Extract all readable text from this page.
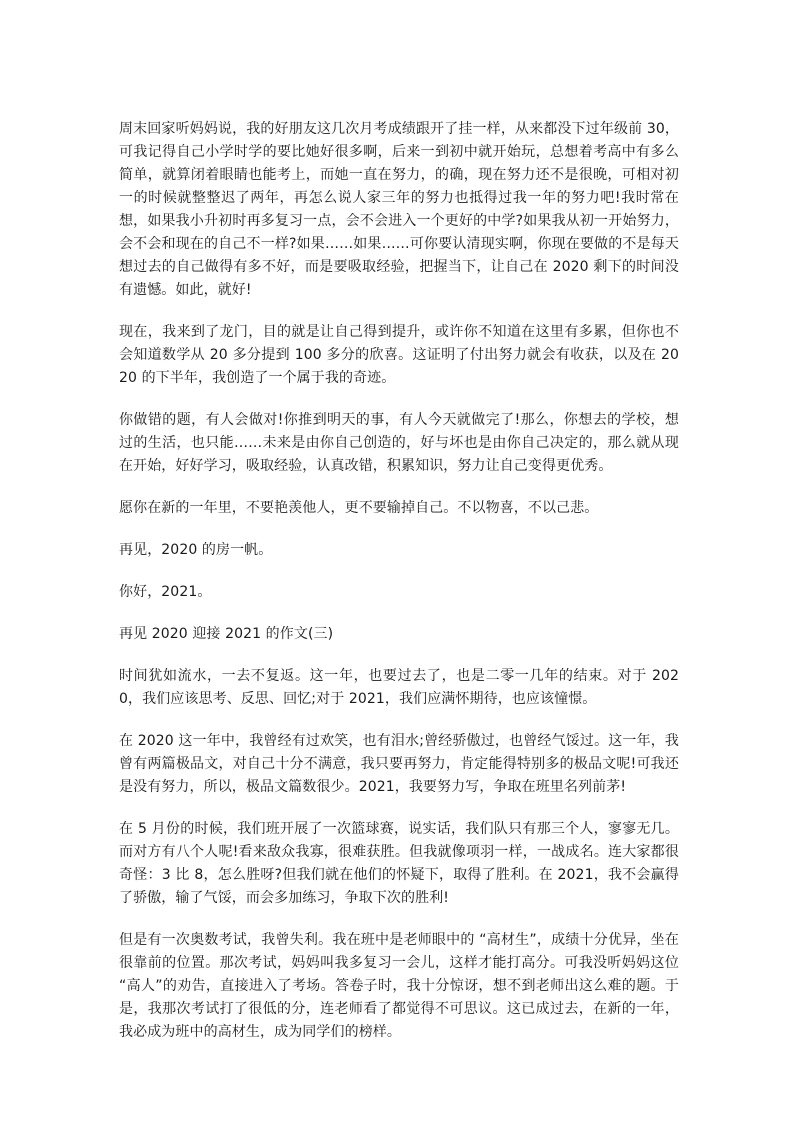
周末回家听妈妈说，我的好朋友这几次月考成绩跟开了挂一样，从来都没下过年级前 30，可我记得自己小学时学的要比她好很多啊，后来一到初中就开始玩，总想着考高中有多么简单，就算闭着眼睛也能考上，而她一直在努力，的确，现在努力还不是很晚，可相对初一的时候就整整迟了两年，再怎么说人家三年的努力也抵得过我一年的努力吧!我时常在想，如果我小升初时再多复习一点，会不会进入一个更好的中学?如果我从初一开始努力，会不会和现在的自己不一样?如果……如果……可你要认清现实啊，你现在要做的不是每天想过去的自己做得有多不好，而是要吸取经验，把握当下，让自己在 2020 剩下的时间没有遗憾。如此，就好!

现在，我来到了龙门，目的就是让自己得到提升，或许你不知道在这里有多累，但你也不会知道数学从 20 多分提到 100 多分的欣喜。这证明了付出努力就会有收获，以及在 2020 的下半年，我创造了一个属于我的奇迹。

你做错的题，有人会做对!你推到明天的事，有人今天就做完了!那么，你想去的学校，想过的生活，也只能……未来是由你自己创造的，好与坏也是由你自己决定的，那么就从现在开始，好好学习，吸取经验，认真改错，积累知识，努力让自己变得更优秀。

愿你在新的一年里，不要艳羡他人，更不要输掉自己。不以物喜，不以己悲。

再见，2020 的房一帆。

你好，2021。

再见 2020 迎接 2021 的作文(三)

时间犹如流水，一去不复返。这一年，也要过去了，也是二零一几年的结束。对于 2020，我们应该思考、反思、回忆;对于 2021，我们应满怀期待，也应该憧憬。

在 2020 这一年中，我曾经有过欢笑，也有泪水;曾经骄傲过，也曾经气馁过。这一年，我曾有两篇极品文，对自己十分不满意，我只要再努力，肯定能得特别多的极品文呢!可我还是没有努力，所以，极品文篇数很少。2021，我要努力写，争取在班里名列前茅!

在 5 月份的时候，我们班开展了一次篮球赛，说实话，我们队只有那三个人，寥寥无几。而对方有八个人呢!看来敌众我寡，很难获胜。但我就像项羽一样，一战成名。连大家都很奇怪：3 比 8，怎么胜呀?但我们就在他们的怀疑下，取得了胜利。在 2021，我不会赢得了骄傲，输了气馁，而会多加练习，争取下次的胜利!

但是有一次奥数考试，我曾失利。我在班中是老师眼中的 “高材生”，成绩十分优异，坐在很靠前的位置。那次考试，妈妈叫我多复习一会儿，这样才能打高分。可我没听妈妈这位 “高人”的劝告，直接进入了考场。答卷子时，我十分惊讶，想不到老师出这么难的题。于是，我那次考试打了很低的分，连老师看了都觉得不可思议。这已成过去，在新的一年，我必成为班中的高材生，成为同学们的榜样。
